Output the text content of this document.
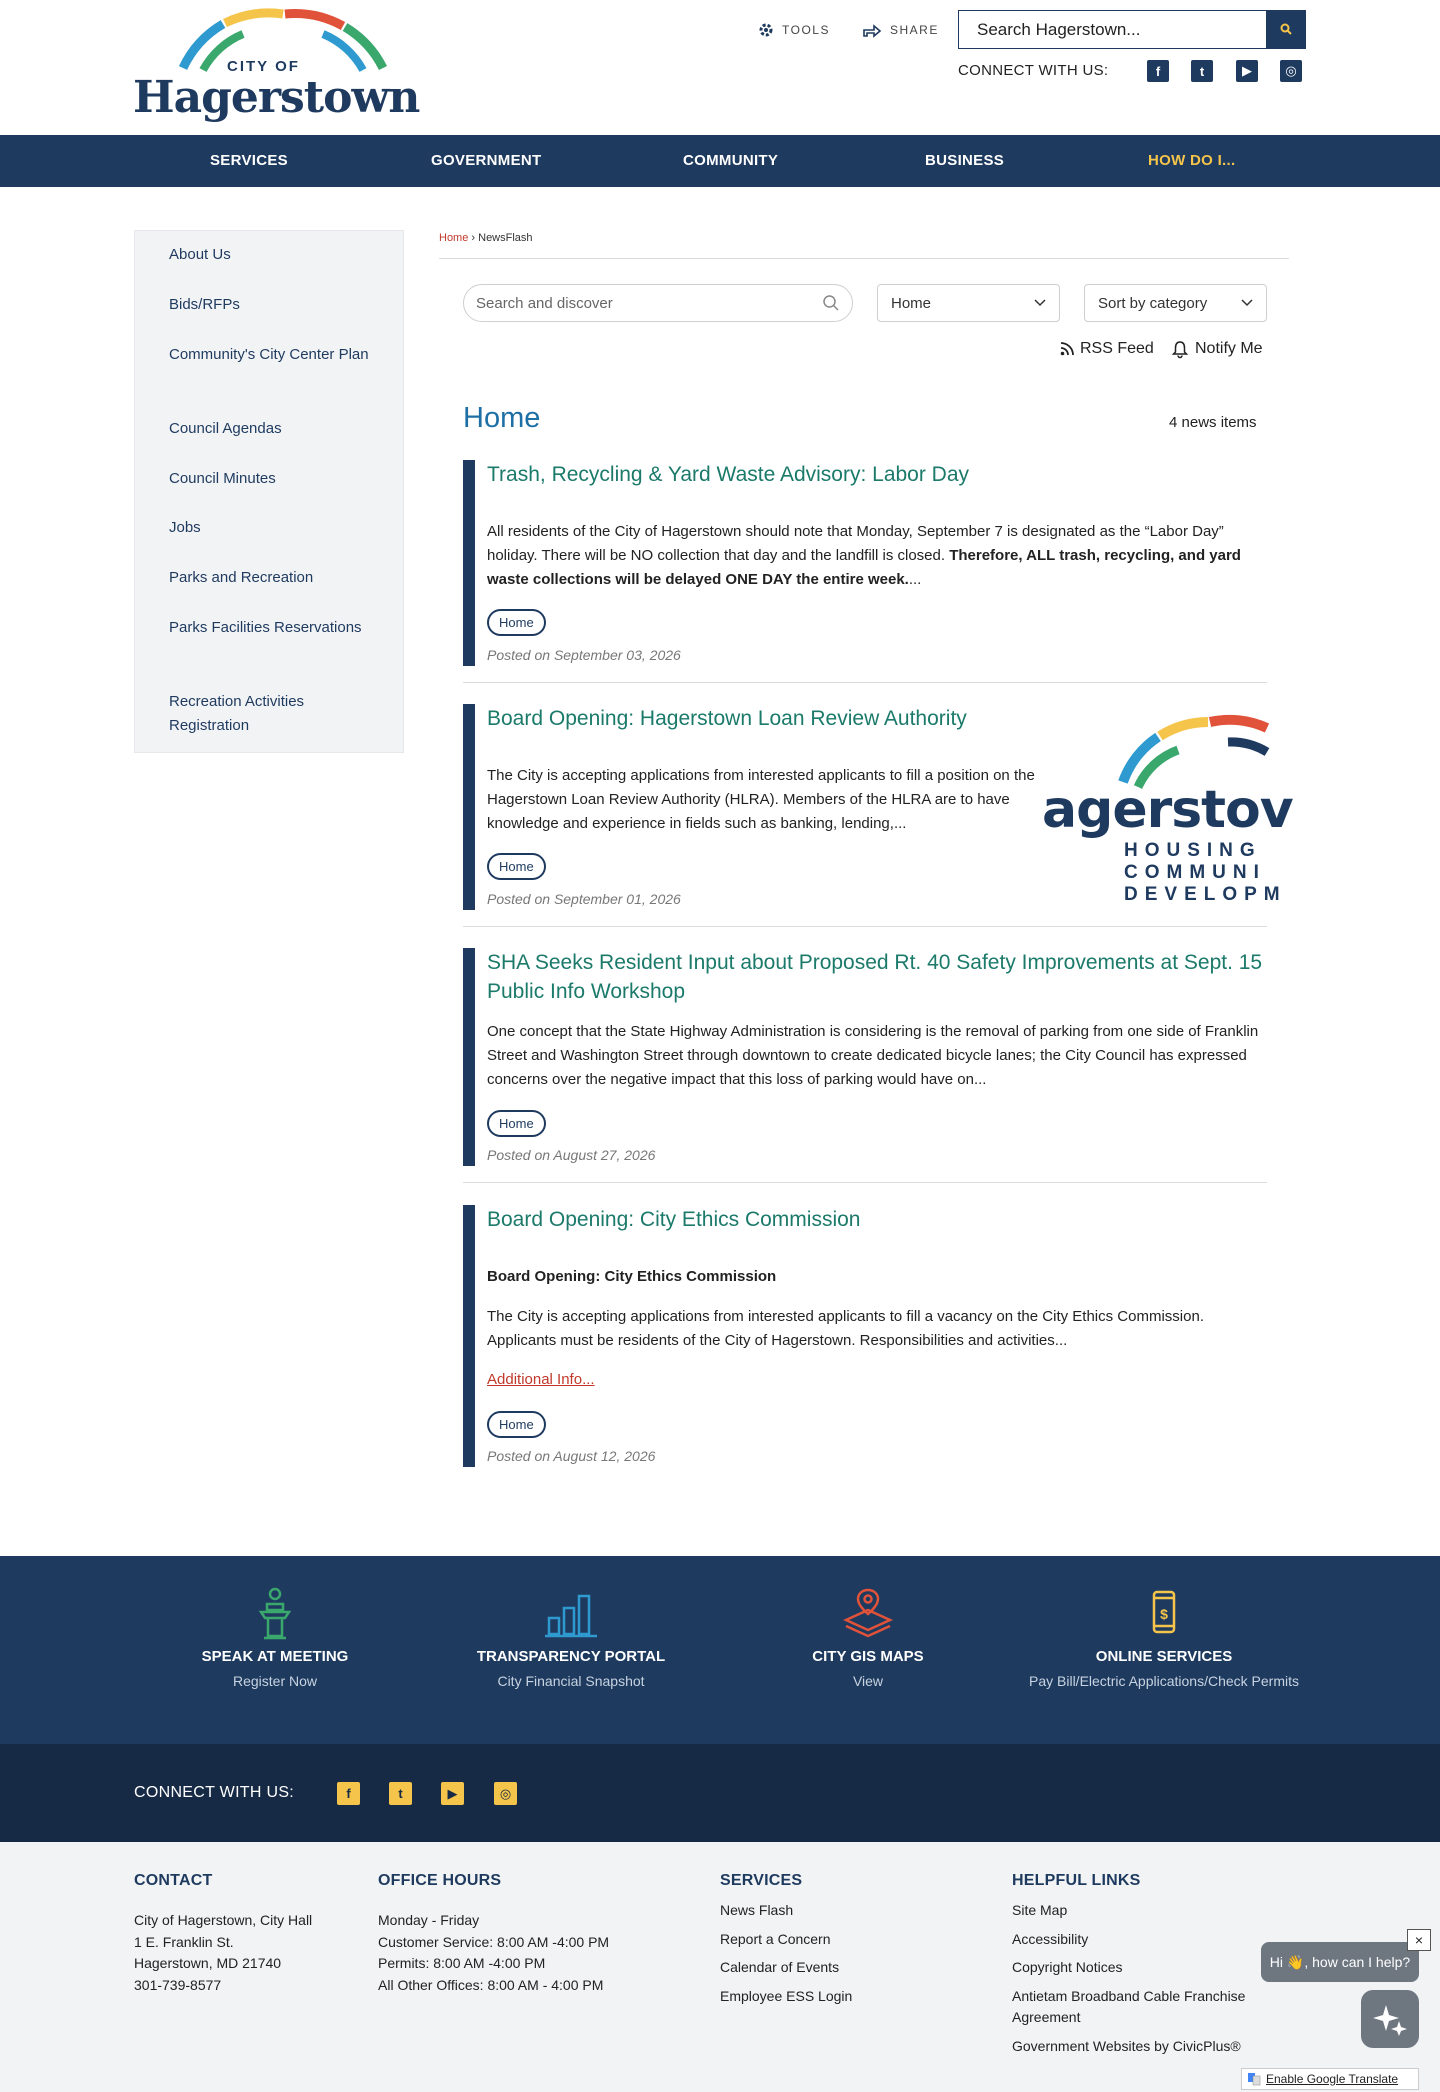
CITY OF
Hagerstown
TOOLS	SHARE
Search Hagerstown...
CONNECT WITH US:	f	t	▶	◎
SERVICES	GOVERNMENT	COMMUNITY	BUSINESS	HOW DO I...
About Us
Bids/RFPs
Community's City Center Plan
Council Agendas
Council Minutes
Jobs
Parks and Recreation
Parks Facilities Reservations
Recreation Activities Registration
Home › NewsFlash
Search and discover
Home	Sort by category
RSS Feed	Notify Me
Home	4 news items
Trash, Recycling & Yard Waste Advisory: Labor Day
All residents of the City of Hagerstown should note that Monday, September 7 is designated as the “Labor Day” holiday. There will be NO collection that day and the landfill is closed. Therefore, ALL trash, recycling, and yard waste collections will be delayed ONE DAY the entire week....
Home
Posted on September 03, 2026
Board Opening: Hagerstown Loan Review Authority
The City is accepting applications from interested applicants to fill a position on the Hagerstown Loan Review Authority (HLRA). Members of the HLRA are to have knowledge and experience in fields such as banking, lending,...
Home
Posted on September 01, 2026
agerstov
HOUSING
COMMUNI
DEVELOPM
SHA Seeks Resident Input about Proposed Rt. 40 Safety Improvements at Sept. 15 Public Info Workshop
One concept that the State Highway Administration is considering is the removal of parking from one side of Franklin Street and Washington Street through downtown to create dedicated bicycle lanes; the City Council has expressed concerns over the negative impact that this loss of parking would have on...
Home
Posted on August 27, 2026
Board Opening: City Ethics Commission
Board Opening: City Ethics Commission
The City is accepting applications from interested applicants to fill a vacancy on the City Ethics Commission. Applicants must be residents of the City of Hagerstown. Responsibilities and activities...
Additional Info...
Home
Posted on August 12, 2026
SPEAK AT MEETING
Register Now
TRANSPARENCY PORTAL
City Financial Snapshot
CITY GIS MAPS
View
$
ONLINE SERVICES
Pay Bill/Electric Applications/Check Permits
CONNECT WITH US:	f	t	▶	◎
CONTACT
City of Hagerstown, City Hall
1 E. Franklin St.
Hagerstown, MD 21740
301-739-8577
OFFICE HOURS
Monday - Friday
Customer Service: 8:00 AM -4:00 PM
Permits: 8:00 AM -4:00 PM
All Other Offices: 8:00 AM - 4:00 PM
SERVICES
News Flash
Report a Concern
Calendar of Events
Employee ESS Login
HELPFUL LINKS
Site Map
Accessibility
Copyright Notices
Antietam Broadband Cable Franchise Agreement
Government Websites by CivicPlus®
Hi 👋, how can I help?
×
Enable Google Translate
